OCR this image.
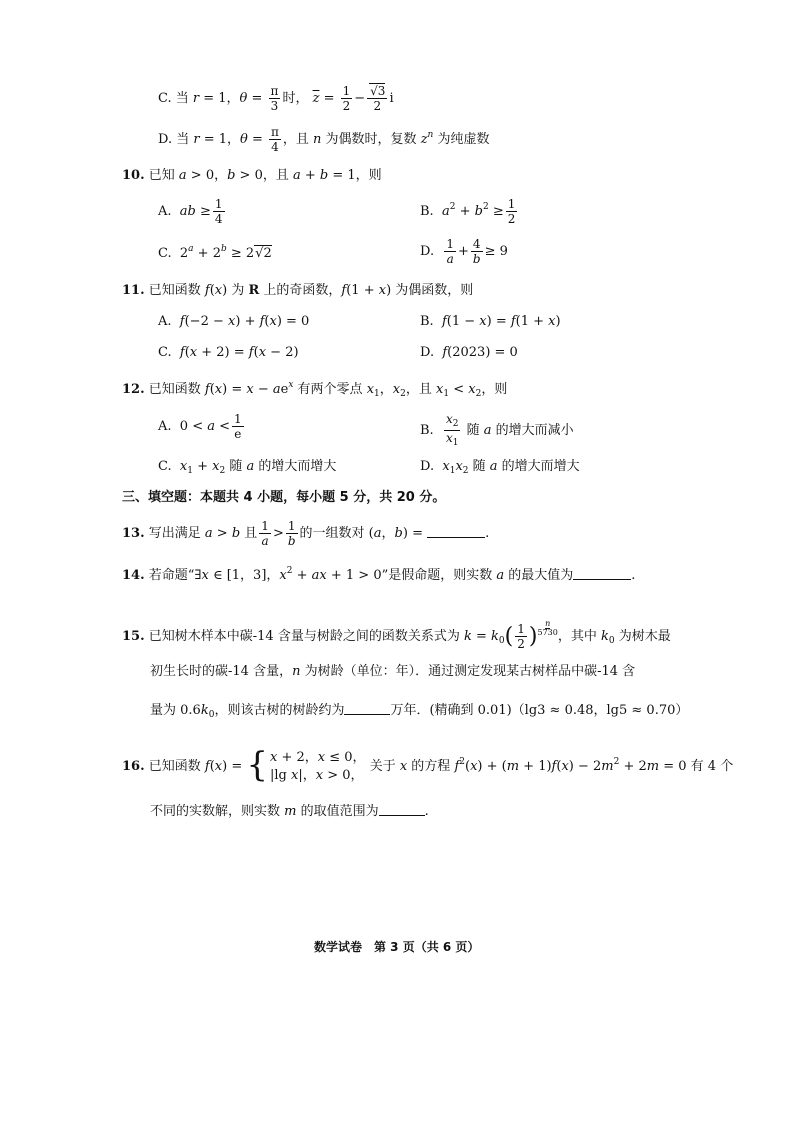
C. 当 r = 1，$\theta = \frac{\pi}{3}$ 时， $\overline{z} = \frac{1}{2} - \frac{√3}{2}$ i
D. 当 r = 1，$\theta = \frac{\pi}{4}$ ，且 n 为偶数时，复数 $z^n$ 为纯虚数
10. 已知 a > 0，b > 0，且 a + b = 1，则
A.  ab ≥ $\frac{1}{4}$	B.  $a^2 + b^2 \ge \frac{1}{2}$
C.  $2^a + 2^b \ge 2√2$	D. $\frac{1}{a} + \frac{4}{b} \ge 9$
11. 已知函数 f(x) 为 R 上的奇函数，f(1 + x) 为偶函数，则
A.  f(−2 − x) + f(x) = 0	B.  f(1 − x) = f(1 + x)
C.  f(x + 2) = f(x − 2)	D.  f(2023) = 0
12. 已知函数 $f(x) = x - ae^x$ 有两个零点 $x_1$，$x_2$，且 $x_1 < x_2$，则
A.  $0 < a < \frac{1}{e}$	B. $\frac{x_2}{x_1}$ 随 a 的增大而减小
C.  $x_1 + x_2$ 随 a 的增大而增大	D.  $x_1x_2$ 随 a 的增大而增大
三、填空题：本题共 4 小题，每小题 5 分，共 20 分。
13. 写出满足 a > b 且 $\frac{1}{a} > \frac{1}{b}$ 的一组数对 (a，b) =	.
14. 若命题“∃x ∈ [1，3]，$x^2$ + ax + 1 > 0”是假命题，则实数 a 的最大值为	.
15. 已知树木样本中碳-14 含量与树龄之间的函数关系式为 $k = k_0( \frac{1}{2}$ ) $\frac{n}{5730}$ ，其中 $k_0$ 为树木最
初生长时的碳-14 含量，n 为树龄（单位：年）．通过测定发现某古树样品中碳-14 含
量为 $0.6k_0$，则该古树的树龄约为	万年．(精确到 0.01)（lg3 ≈ 0.48，lg5 ≈ 0.70）
16. 已知函数 f(x) = { x + 2，x ≤ 0，
|lg x|，x > 0，
关于 x 的方程 $f^2(x) + (m + 1)f(x) - 2m^2 + 2m = 0$ 有 4 个
不同的实数解，则实数 m 的取值范围为	.
数学试卷　第 3 页（共 6 页）
